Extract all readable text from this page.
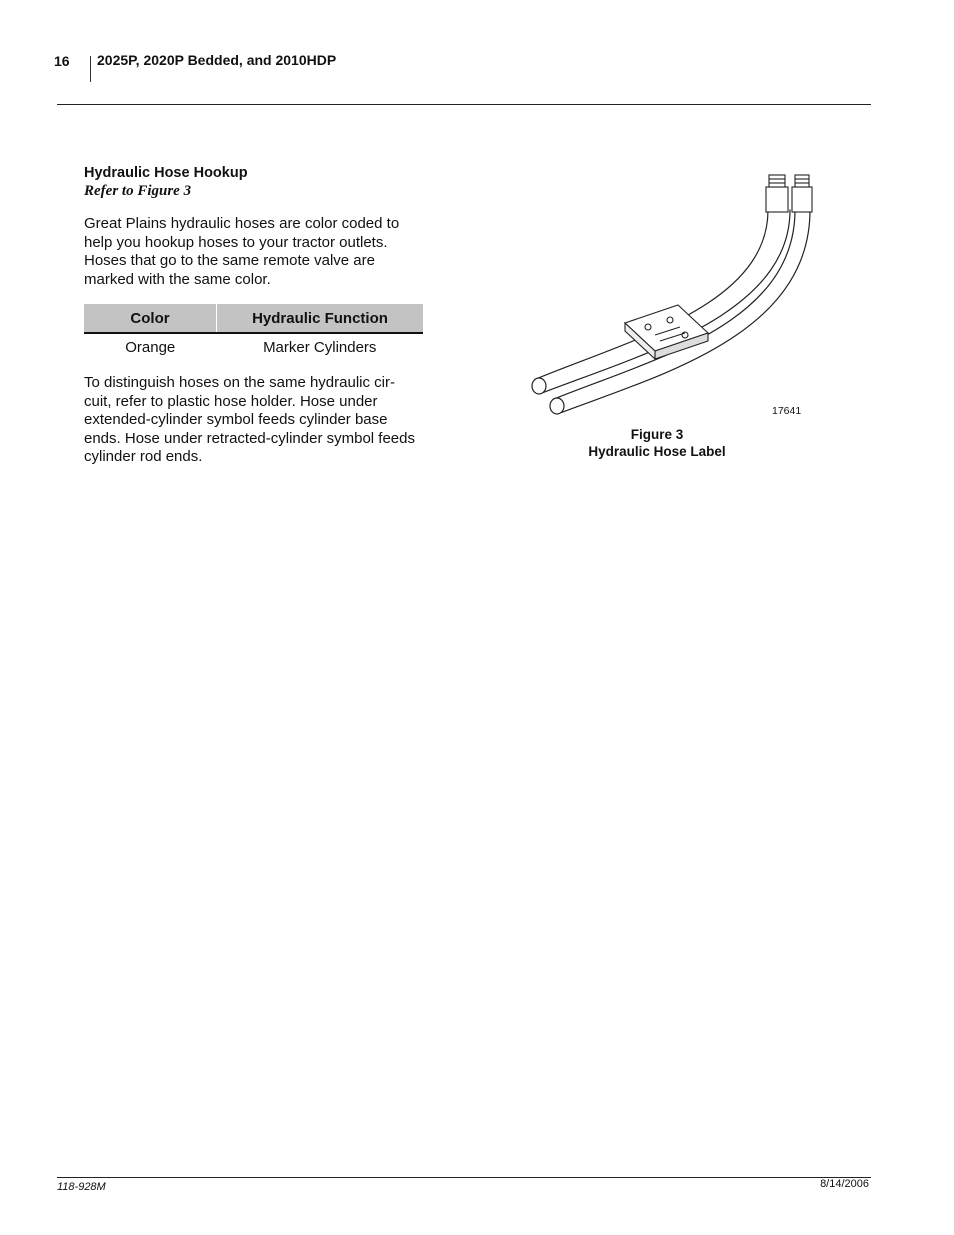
16 2025P, 2020P Bedded, and 2010HDP
Hydraulic Hose Hookup
Refer to Figure 3
Great Plains hydraulic hoses are color coded to help you hookup hoses to your tractor outlets. Hoses that go to the same remote valve are marked with the same color.
Color	Hydraulic Function
Orange	Marker Cylinders
To distinguish hoses on the same hydraulic cir-cuit, refer to plastic hose holder. Hose under extended-cylinder symbol feeds cylinder base ends. Hose under retracted-cylinder symbol feeds cylinder rod ends.
17641
Figure 3
Hydraulic Hose Label
118-928M	8/14/2006
